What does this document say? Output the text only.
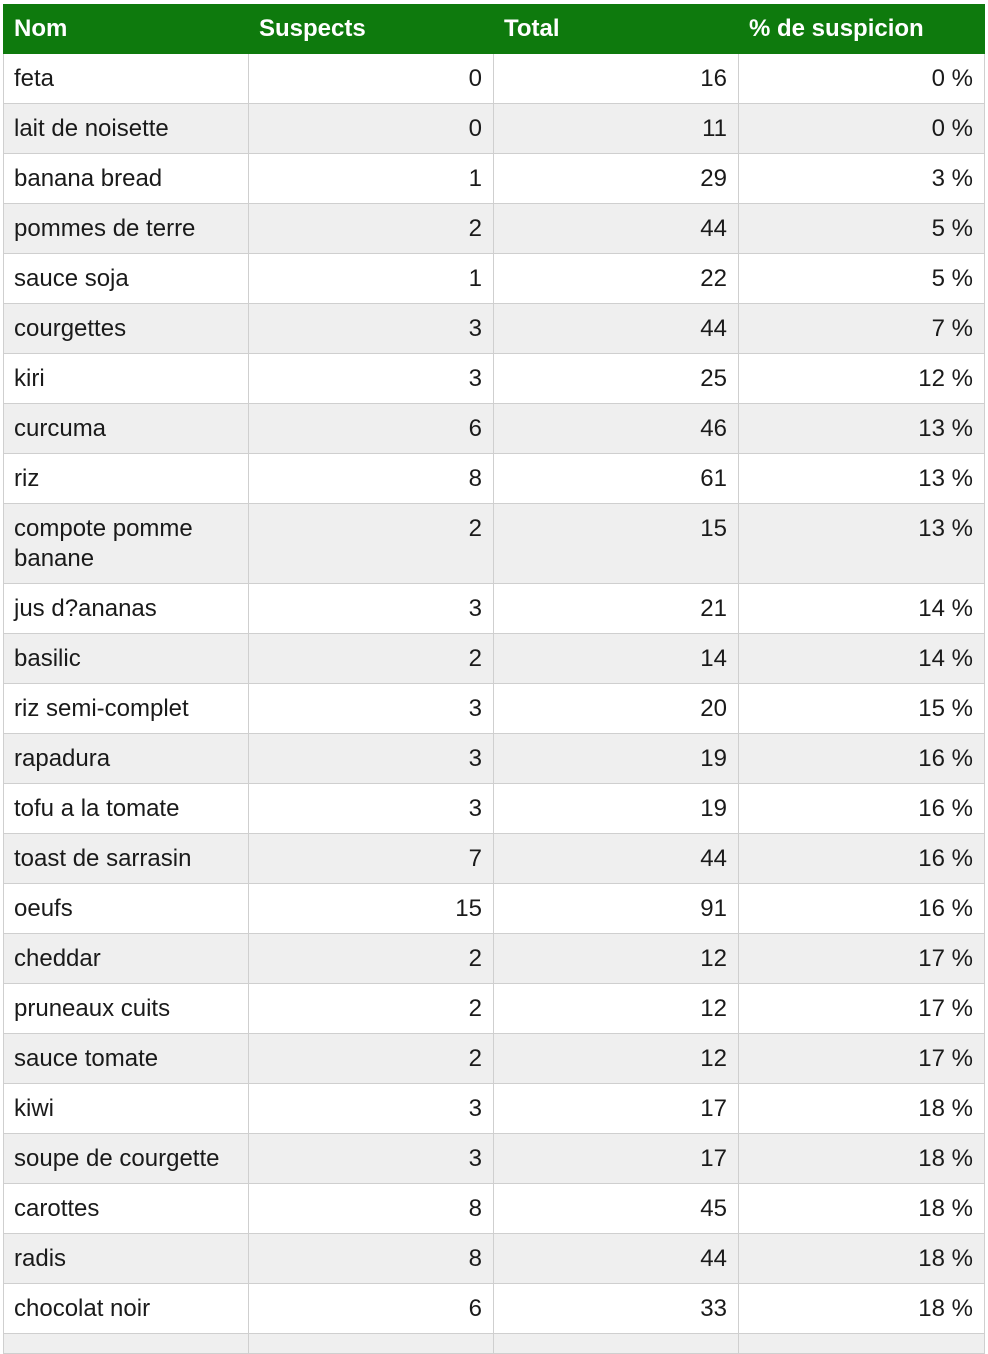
Nom	Suspects	Total	% de suspicion
feta	0	16	0 %
lait de noisette	0	11	0 %
banana bread	1	29	3 %
pommes de terre	2	44	5 %
sauce soja	1	22	5 %
courgettes	3	44	7 %
kiri	3	25	12 %
curcuma	6	46	13 %
riz	8	61	13 %
compote pomme banane	2	15	13 %
jus d?ananas	3	21	14 %
basilic	2	14	14 %
riz semi-complet	3	20	15 %
rapadura	3	19	16 %
tofu a la tomate	3	19	16 %
toast de sarrasin	7	44	16 %
oeufs	15	91	16 %
cheddar	2	12	17 %
pruneaux cuits	2	12	17 %
sauce tomate	2	12	17 %
kiwi	3	17	18 %
soupe de courgette	3	17	18 %
carottes	8	45	18 %
radis	8	44	18 %
chocolat noir	6	33	18 %
